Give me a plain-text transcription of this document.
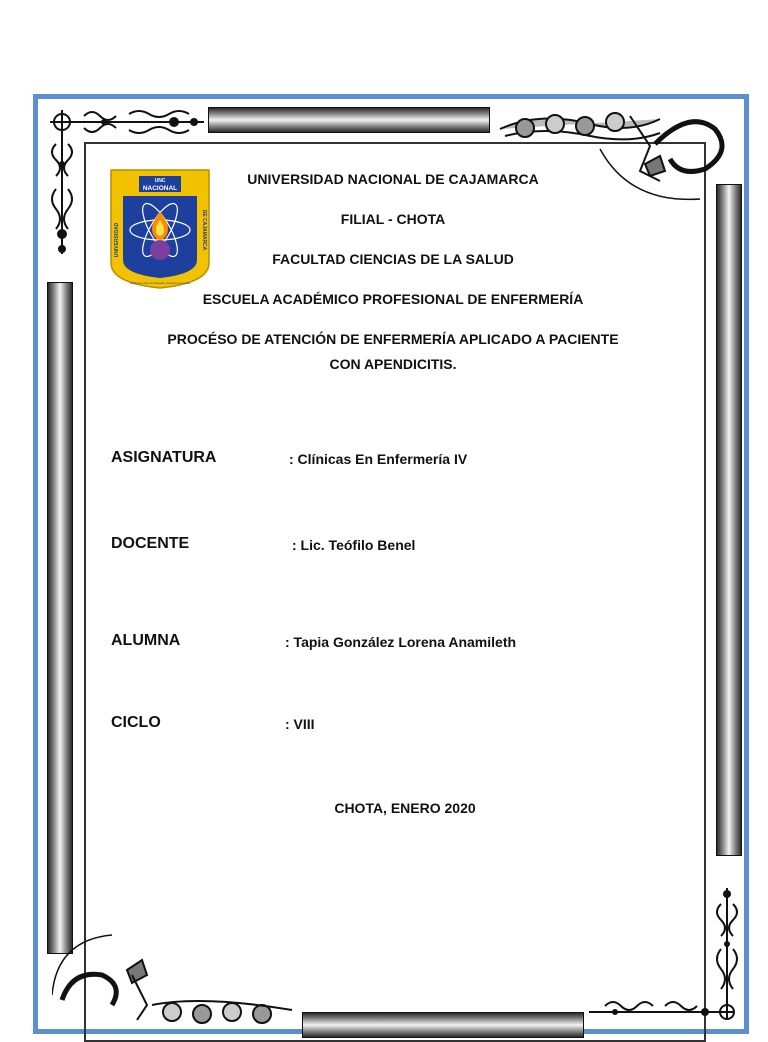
UNC
NACIONAL
UNIVERSIDAD	DE CAJAMARCA
Forjando la vida a la búsqueda y defensa de la verdad
UNIVERSIDAD NACIONAL DE CAJAMARCA
FILIAL - CHOTA
FACULTAD CIENCIAS DE LA SALUD
ESCUELA ACADÉMICO PROFESIONAL DE ENFERMERÍA
PROCÉSO DE ATENCIÓN DE ENFERMERÍA APLICADO A PACIENTE
CON APENDICITIS.
ASIGNATURA	: Clínicas En Enfermería IV
DOCENTE	: Lic. Teófilo Benel
ALUMNA	: Tapia González Lorena Anamileth
CICLO	: VIII
CHOTA, ENERO 2020
